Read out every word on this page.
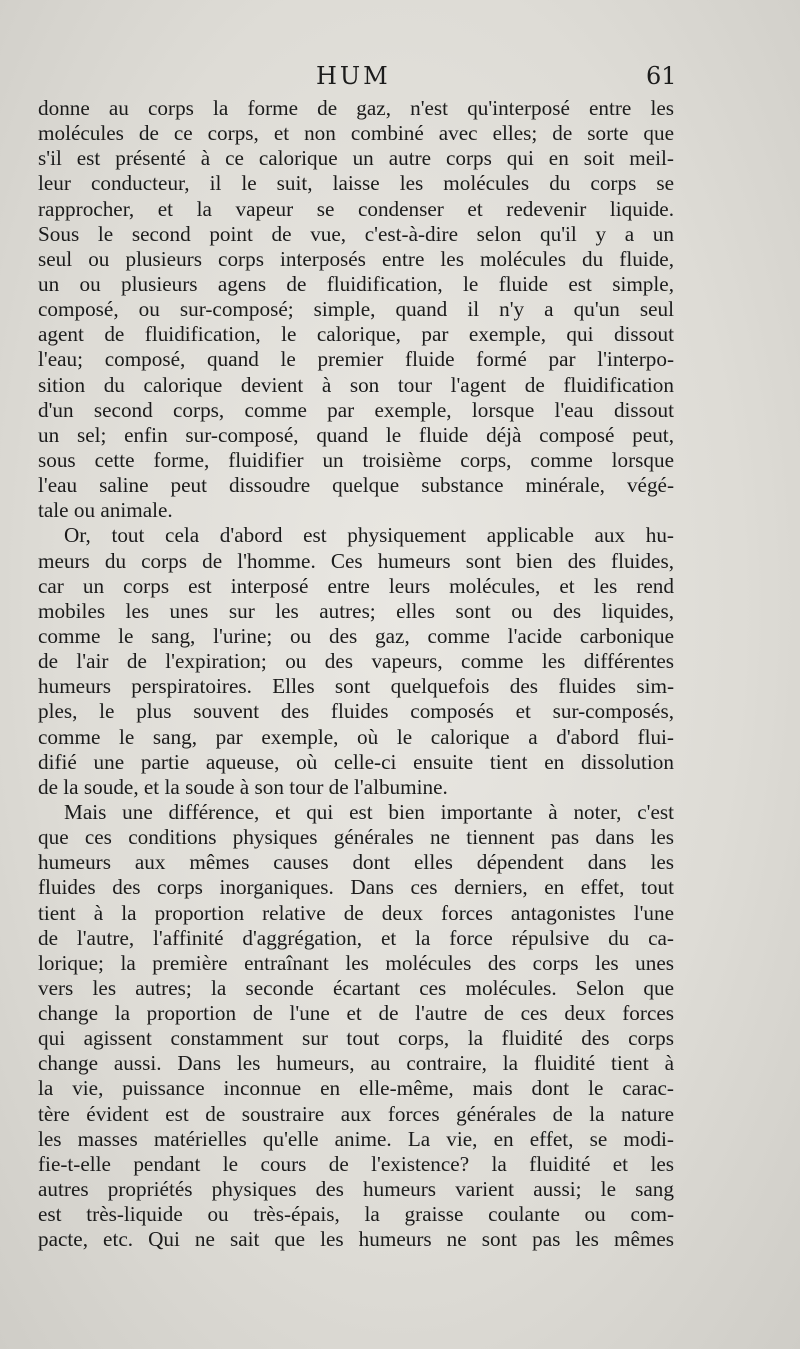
HUM	61
donne au corps la forme de gaz, n'est qu'interposé entre les
molécules de ce corps, et non combiné avec elles; de sorte que
s'il est présenté à ce calorique un autre corps qui en soit meil-
leur conducteur, il le suit, laisse les molécules du corps se
rapprocher, et la vapeur se condenser et redevenir liquide.
Sous le second point de vue, c'est-à-dire selon qu'il y a un
seul ou plusieurs corps interposés entre les molécules du fluide,
un ou plusieurs agens de fluidification, le fluide est simple,
composé, ou sur-composé; simple, quand il n'y a qu'un seul
agent de fluidification, le calorique, par exemple, qui dissout
l'eau; composé, quand le premier fluide formé par l'interpo-
sition du calorique devient à son tour l'agent de fluidification
d'un second corps, comme par exemple, lorsque l'eau dissout
un sel; enfin sur-composé, quand le fluide déjà composé peut,
sous cette forme, fluidifier un troisième corps, comme lorsque
l'eau saline peut dissoudre quelque substance minérale, végé-
tale ou animale.
Or, tout cela d'abord est physiquement applicable aux hu-
meurs du corps de l'homme. Ces humeurs sont bien des fluides,
car un corps est interposé entre leurs molécules, et les rend
mobiles les unes sur les autres; elles sont ou des liquides,
comme le sang, l'urine; ou des gaz, comme l'acide carbonique
de l'air de l'expiration; ou des vapeurs, comme les différentes
humeurs perspiratoires. Elles sont quelquefois des fluides sim-
ples, le plus souvent des fluides composés et sur-composés,
comme le sang, par exemple, où le calorique a d'abord flui-
difié une partie aqueuse, où celle-ci ensuite tient en dissolution
de la soude, et la soude à son tour de l'albumine.
Mais une différence, et qui est bien importante à noter, c'est
que ces conditions physiques générales ne tiennent pas dans les
humeurs aux mêmes causes dont elles dépendent dans les
fluides des corps inorganiques. Dans ces derniers, en effet, tout
tient à la proportion relative de deux forces antagonistes l'une
de l'autre, l'affinité d'aggrégation, et la force répulsive du ca-
lorique; la première entraînant les molécules des corps les unes
vers les autres; la seconde écartant ces molécules. Selon que
change la proportion de l'une et de l'autre de ces deux forces
qui agissent constamment sur tout corps, la fluidité des corps
change aussi. Dans les humeurs, au contraire, la fluidité tient à
la vie, puissance inconnue en elle-même, mais dont le carac-
tère évident est de soustraire aux forces générales de la nature
les masses matérielles qu'elle anime. La vie, en effet, se modi-
fie-t-elle pendant le cours de l'existence? la fluidité et les
autres propriétés physiques des humeurs varient aussi; le sang
est très-liquide ou très-épais, la graisse coulante ou com-
pacte, etc. Qui ne sait que les humeurs ne sont pas les mêmes
